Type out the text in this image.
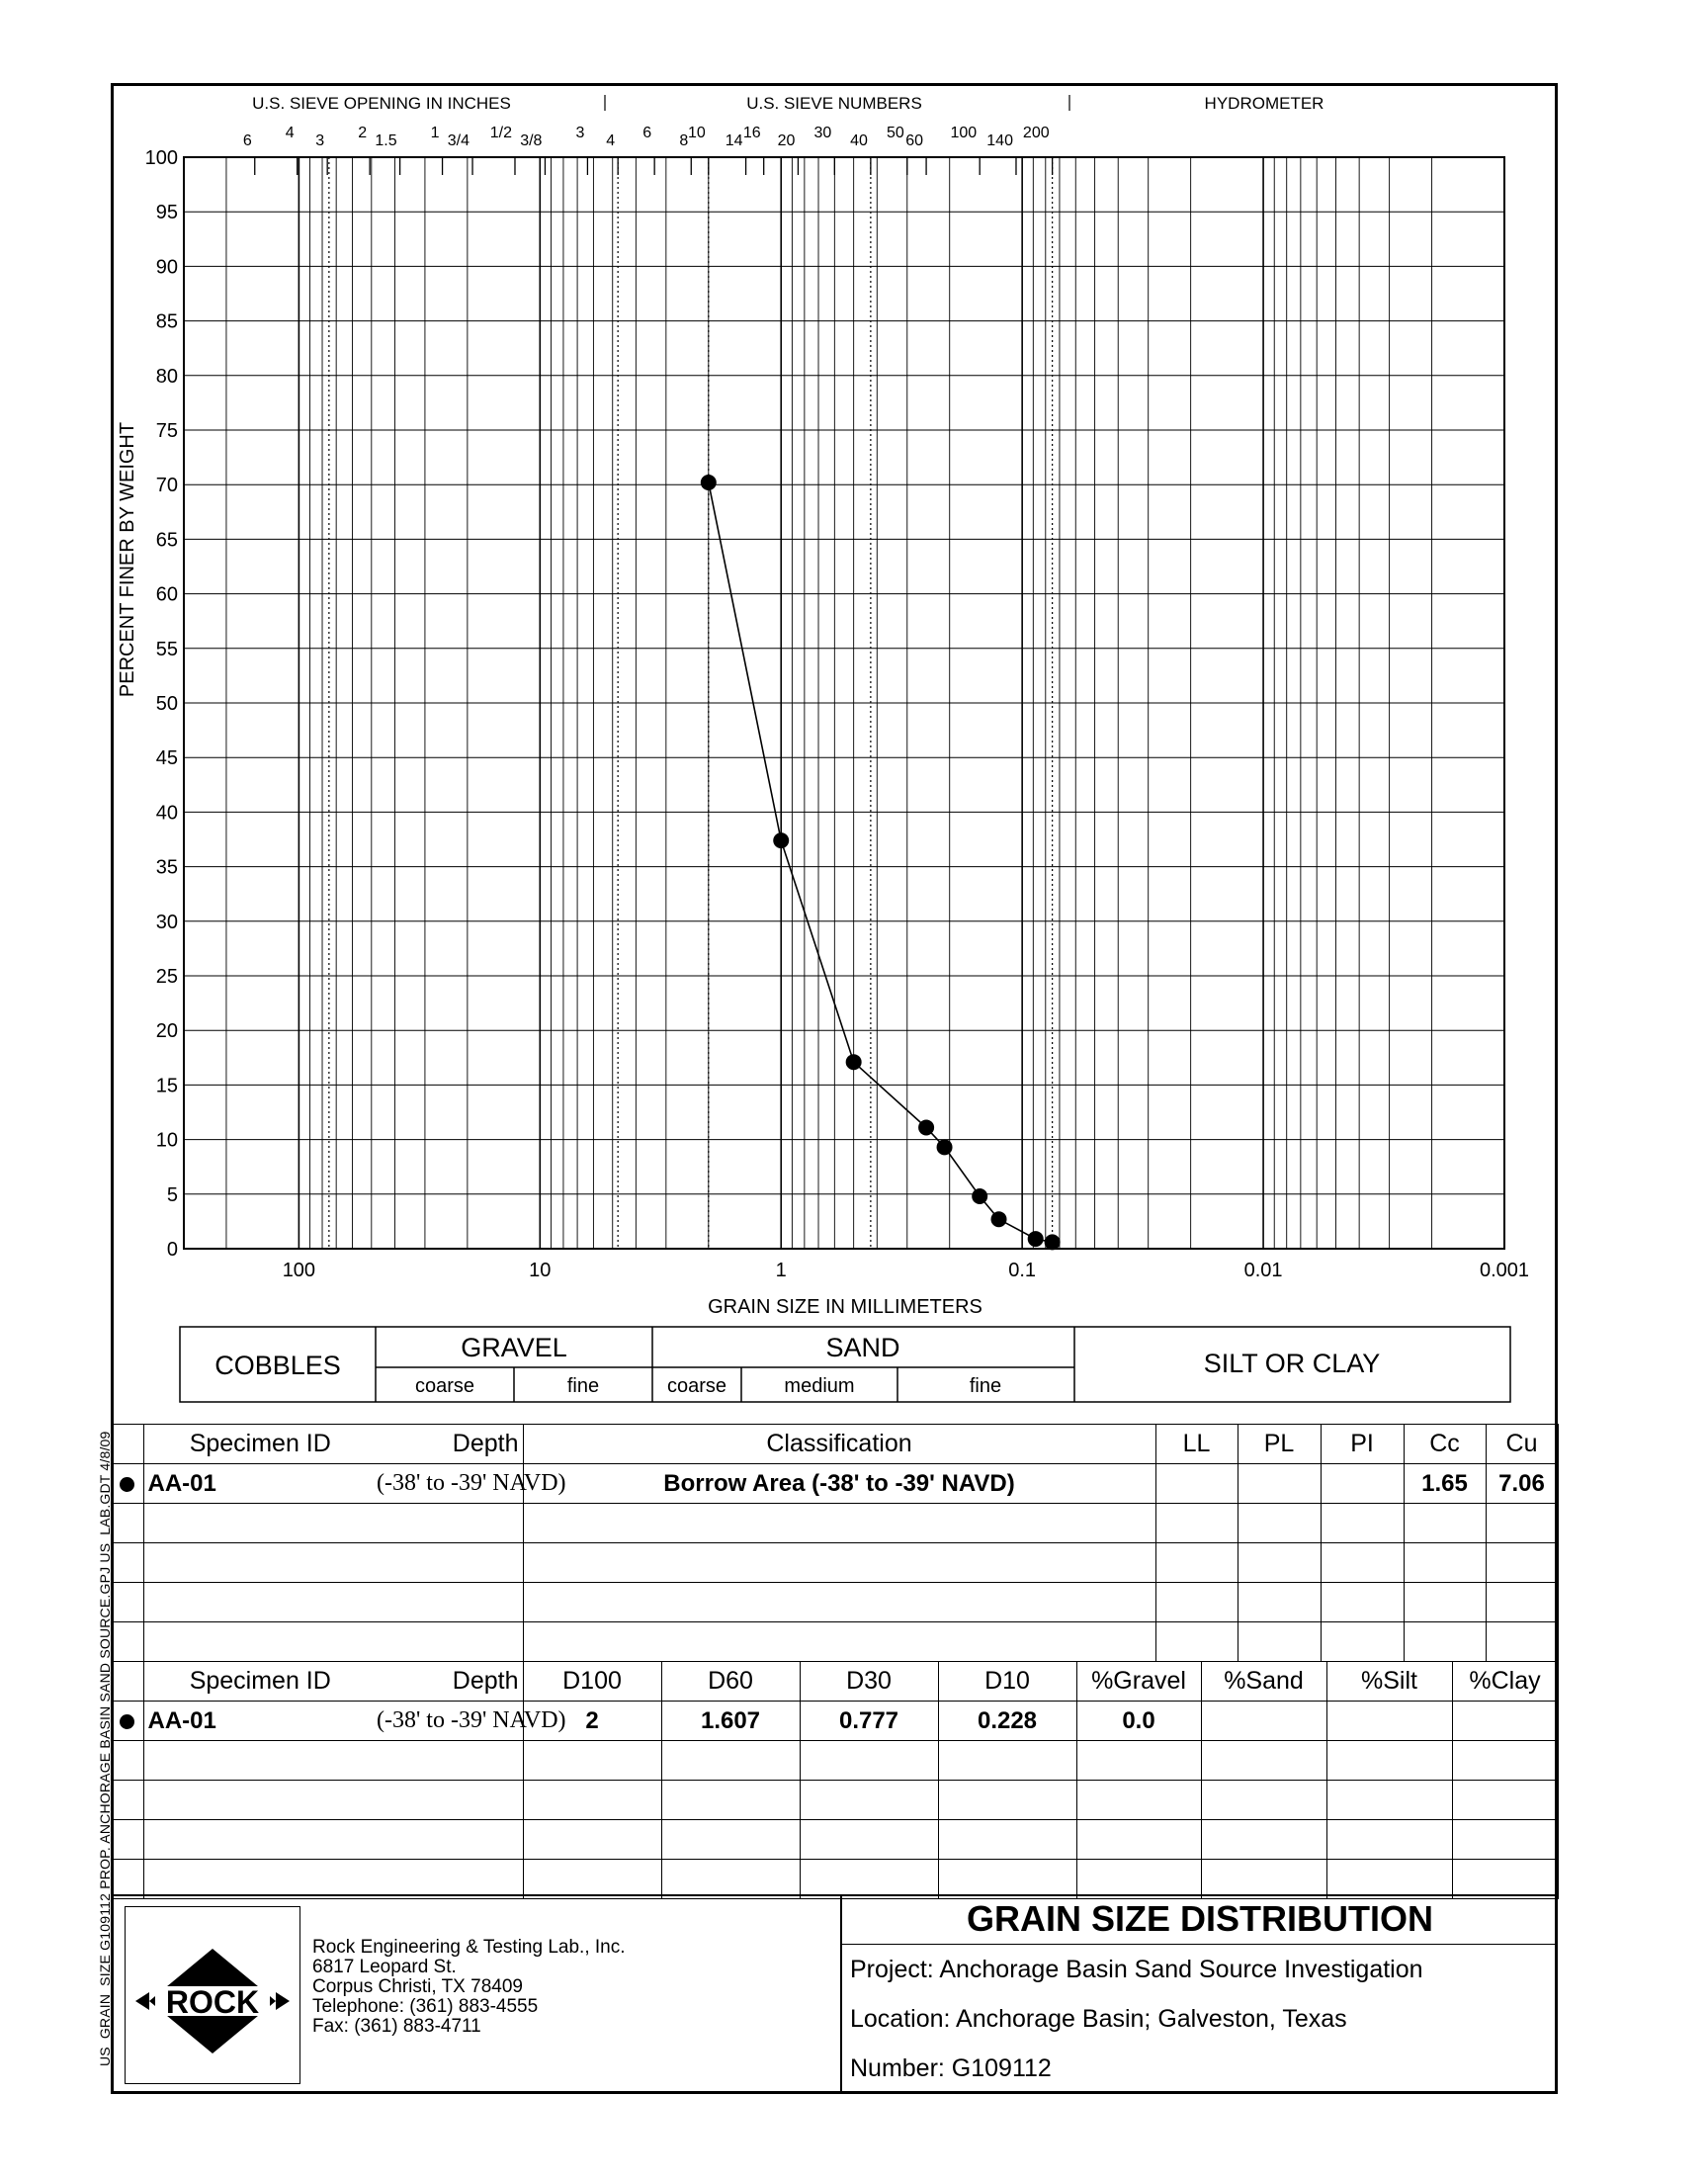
US_GRAIN_SIZE G109112 PROP. ANCHORAGE BASIN SAND SOURCE.GPJ US_LAB.GDT 4/8/09
100
95
90
85
80
75
70
65
60
55
50
45
40
35
30
25
20
15
10
5
0
100	10	1	0.1	0.01	0.001
6 4 3 2 1.5 1 3/4 1/2 3/8 3 4 6 8 10 14 16 20 30 40 50 60 100 140 200
U.S. SIEVE OPENING IN INCHES	U.S. SIEVE NUMBERS	HYDROMETER
GRAIN SIZE IN MILLIMETERS
PERCENT FINER BY WEIGHT
COBBLES
GRAVEL
coarse	fine
SAND
coarse	medium	fine
SILT OR CLAY
	Specimen ID	Depth	Classification	LL	PL	PI	Cc	Cu
	AA-01	(-38' to -39' NAVD)	Borrow Area (-38' to -39' NAVD)				1.65	7.06

	Specimen ID	Depth	D100	D60	D30	D10	%Gravel	%Sand	%Silt	%Clay
	AA-01	(-38' to -39' NAVD)	2	1.607	0.777	0.228	0.0			

ROCK
Rock Engineering & Testing Lab., Inc.
6817 Leopard St.
Corpus Christi, TX 78409
Telephone: (361) 883-4555
Fax: (361) 883-4711
GRAIN SIZE DISTRIBUTION
Project: Anchorage Basin Sand Source Investigation
Location: Anchorage Basin; Galveston, Texas
Number: G109112
